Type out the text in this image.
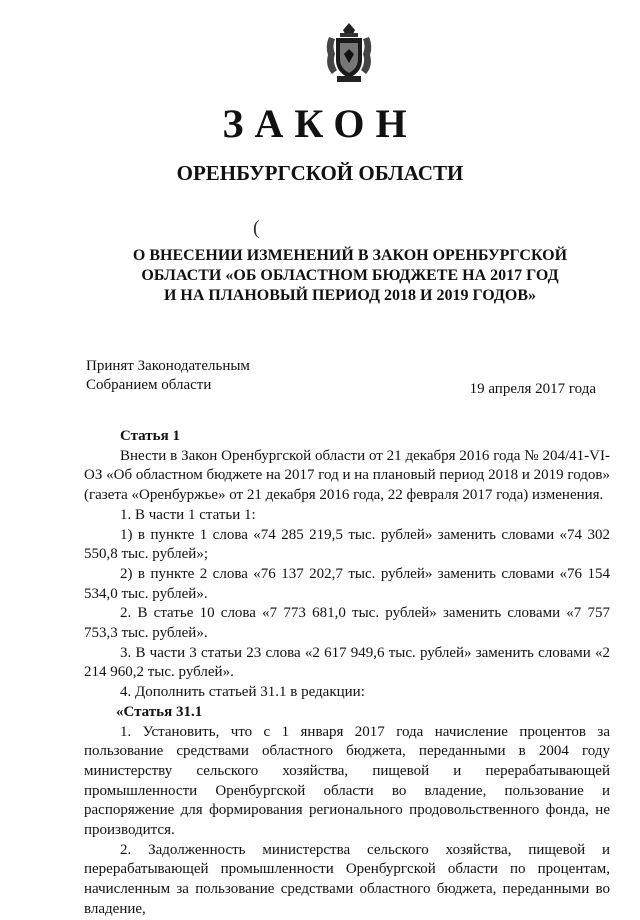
ЗАКОН
ОРЕНБУРГСКОЙ ОБЛАСТИ
(
О ВНЕСЕНИИ ИЗМЕНЕНИЙ В ЗАКОН ОРЕНБУРГСКОЙ
ОБЛАСТИ «ОБ ОБЛАСТНОМ БЮДЖЕТЕ НА 2017 ГОД
И НА ПЛАНОВЫЙ ПЕРИОД 2018 И 2019 ГОДОВ»
Принят Законодательным
Собранием области	19 апреля 2017 года

Статья 1

Внести в Закон Оренбургской области от 21 декабря 2016 года № 204/41-VI-ОЗ «Об областном бюджете на 2017 год и на плановый период 2018 и 2019 годов» (газета «Оренбуржье» от 21 декабря 2016 года, 22 февраля 2017 года) изменения.

1. В части 1 статьи 1:

1) в пункте 1 слова «74 285 219,5 тыс. рублей» заменить словами «74 302 550,8 тыс. рублей»;

2) в пункте 2 слова «76 137 202,7 тыс. рублей» заменить словами «76 154 534,0 тыс. рублей».

2. В статье 10 слова «7 773 681,0 тыс. рублей» заменить словами «7 757 753,3 тыс. рублей».

3. В части 3 статьи 23 слова «2 617 949,6 тыс. рублей» заменить словами «2 214 960,2 тыс. рублей».

4. Дополнить статьей 31.1 в редакции:

«Статья 31.1

1. Установить, что с 1 января 2017 года начисление процентов за пользование средствами областного бюджета, переданными в 2004 году министерству сельского хозяйства, пищевой и перерабатывающей промышленности Оренбургской области во владение, пользование и распоряжение для формирования регионального продовольственного фонда, не производится.

2. Задолженность министерства сельского хозяйства, пищевой и перерабатывающей промышленности Оренбургской области по процентам, начисленным за пользование средствами областного бюджета, переданными во владение,
